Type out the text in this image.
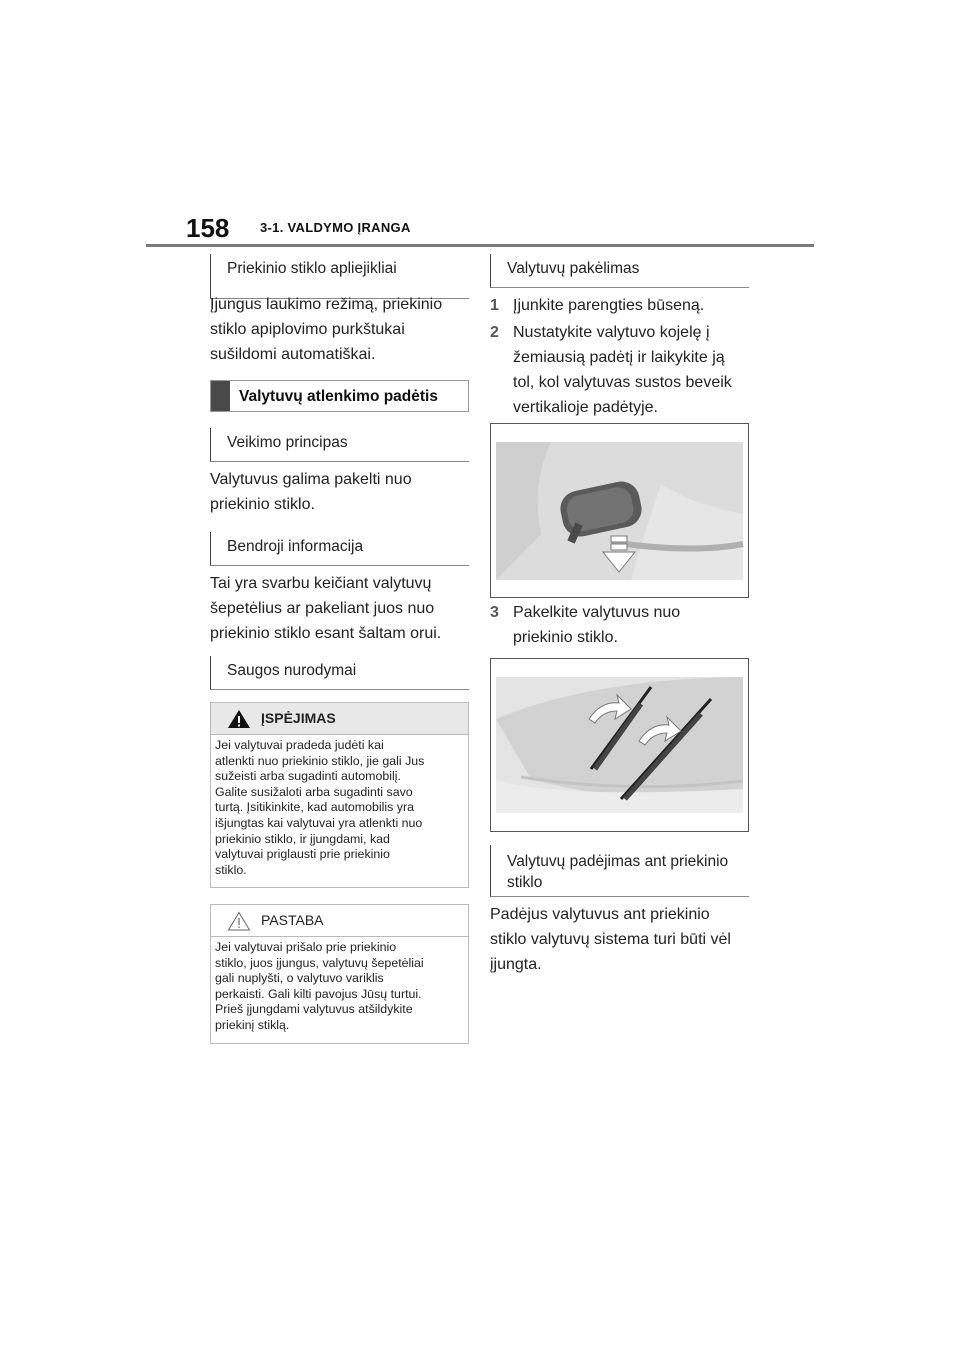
158 3-1. VALDYMO ĮRANGA
Priekinio stiklo apliejikliai
Įjungus laukimo režimą, priekinio
stiklo apiplovimo purkštukai
sušildomi automatiškai.
Valytuvų atlenkimo padėtis
Veikimo principas
Valytuvus galima pakelti nuo
priekinio stiklo.
Bendroji informacija
Tai yra svarbu keičiant valytuvų
šepetėlius ar pakeliant juos nuo
priekinio stiklo esant šaltam orui.
Saugos nurodymai
ĮSPĖJIMAS
Jei valytuvai pradeda judėti kai
atlenkti nuo priekinio stiklo, jie gali Jus
sužeisti arba sugadinti automobilį.
Galite susižaloti arba sugadinti savo
turtą. Įsitikinkite, kad automobilis yra
išjungtas kai valytuvai yra atlenkti nuo
priekinio stiklo, ir įjungdami, kad
valytuvai priglausti prie priekinio
stiklo.
PASTABA
Jei valytuvai prišalo prie priekinio
stiklo, juos įjungus, valytuvų šepetėliai
gali nuplyšti, o valytuvo variklis
perkaisti. Gali kilti pavojus Jūsų turtui.
Prieš įjungdami valytuvus atšildykite
priekinį stiklą.
Valytuvų pakėlimas
1 Įjunkite parengties būseną.
2 Nustatykite valytuvo kojelę į
žemiausią padėtį ir laikykite ją
tol, kol valytuvas sustos beveik
vertikalioje padėtyje.
3 Pakelkite valytuvus nuo
priekinio stiklo.
Valytuvų padėjimas ant priekinio
stiklo
Padėjus valytuvus ant priekinio
stiklo valytuvų sistema turi būti vėl
įjungta.
